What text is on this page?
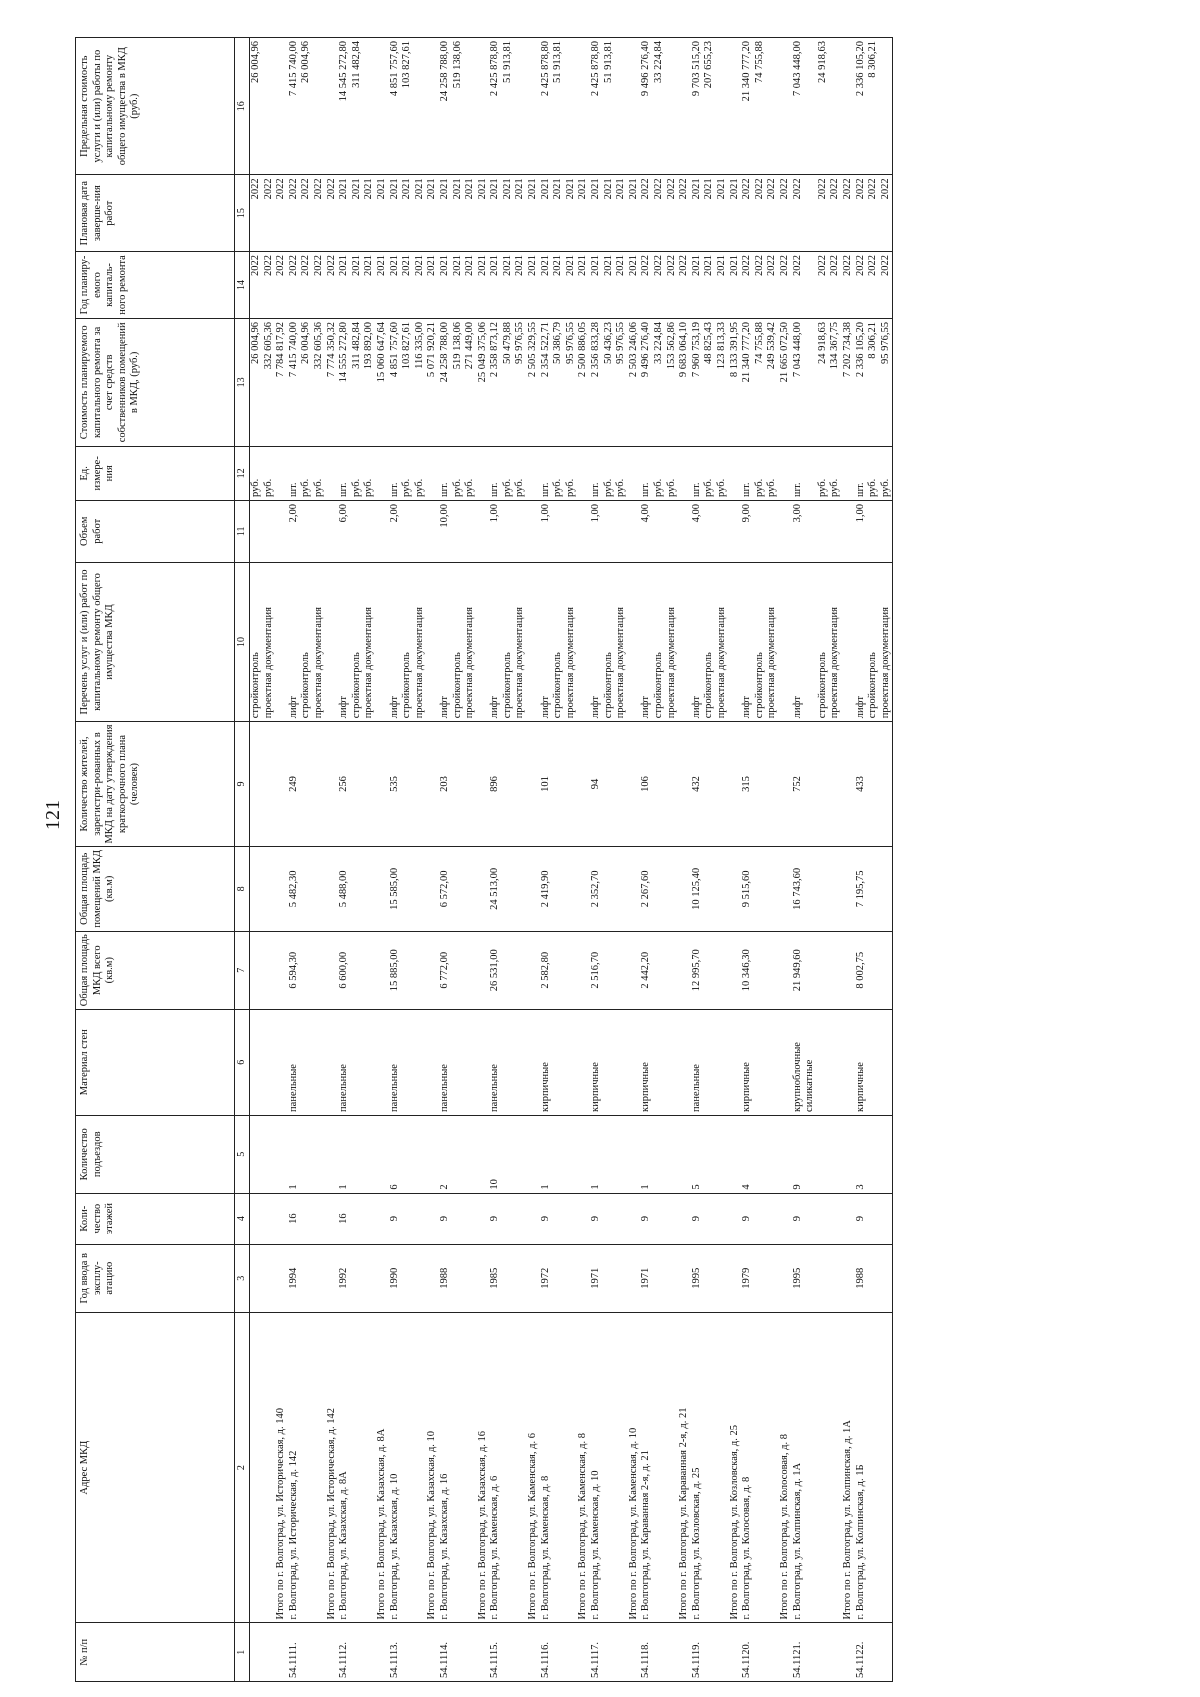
121
№ п/п	Адрес МКД	Год ввода в эксплу-атацию	Коли-чество этажей	Количество подъездов	Материал стен	Общая площадь МКД всего (кв.м)	Общая площадь помещений МКД (кв.м)	Количество жителей, зарегистри-рованных в МКД на дату утверждения краткосрочного плана (человек)	Перечень услуг и (или) работ по капитальному ремонту общего имущества МКД	Объем работ	Ед. измере-ния	Стоимость планируемого капитального ремонта за счет средств собственников помещений в МКД, (руб.)	Год планиру-емого капиталь-ного ремонта	Плановая дата заверше-ния работ	Предельная стоимость услуги и (или) работы по капитальному ремонту общего имущества в МКД (руб.)
1	2	3	4	5	6	7	8	9	10	11	12	13	14	15	16
									стройконтроль		руб.	26 004,96	2022	2022	26 004,96
									проектная документация		руб.	332 605,36	2022	2022	
	Итого по г. Волгоград, ул. Историческая, д. 140											7 784 817,92	2022	2022	
54.1111.	г. Волгоград, ул. Историческая, д. 142	1994	16	1	панельные	6 594,30	5 482,30	249	лифт	2,00	шт.	7 415 740,00	2022	2022	7 415 740,00
									стройконтроль		руб.	26 004,96	2022	2022	26 004,96
									проектная документация		руб.	332 605,36	2022	2022	
	Итого по г. Волгоград, ул. Историческая, д. 142											7 774 350,32	2022	2022	
54.1112.	г. Волгоград, ул. Казахская, д. 8А	1992	16	1	панельные	6 600,00	5 488,00	256	лифт	6,00	шт.	14 555 272,80	2021	2021	14 545 272,80
									стройконтроль		руб.	311 482,84	2021	2021	311 482,84
									проектная документация		руб.	193 892,00	2021	2021	
	Итого по г. Волгоград, ул. Казахская, д. 8А											15 060 647,64	2021	2021	
54.1113.	г. Волгоград, ул. Казахская, д. 10	1990	9	6	панельные	15 885,00	15 585,00	535	лифт	2,00	шт.	4 851 757,60	2021	2021	4 851 757,60
									стройконтроль		руб.	103 827,61	2021	2021	103 827,61
									проектная документация		руб.	116 335,00	2021	2021	
	Итого по г. Волгоград, ул. Казахская, д. 10											5 071 920,21	2021	2021	
54.1114.	г. Волгоград, ул. Казахская, д. 16	1988	9	2	панельные	6 772,00	6 572,00	203	лифт	10,00	шт.	24 258 788,00	2021	2021	24 258 788,00
									стройконтроль		руб.	519 138,06	2021	2021	519 138,06
									проектная документация		руб.	271 449,00	2021	2021	
	Итого по г. Волгоград, ул. Казахская, д. 16											25 049 375,06	2021	2021	
54.1115.	г. Волгоград, ул. Каменская, д. 6	1985	9	10	панельные	26 531,00	24 513,00	896	лифт	1,00	шт.	2 358 873,12	2021	2021	2 425 878,80
									стройконтроль		руб.	50 479,88	2021	2021	51 913,81
									проектная документация		руб.	95 976,55	2021	2021	
	Итого по г. Волгоград, ул. Каменская, д. 6											2 505 329,55	2021	2021	
54.1116.	г. Волгоград, ул. Каменская, д. 8	1972	9	1	кирпичные	2 582,80	2 419,90	101	лифт	1,00	шт.	2 354 522,71	2021	2021	2 425 878,80
									стройконтроль		руб.	50 386,79	2021	2021	51 913,81
									проектная документация		руб.	95 976,55	2021	2021	
	Итого по г. Волгоград, ул. Каменская, д. 8											2 500 886,05	2021	2021	
54.1117.	г. Волгоград, ул. Каменская, д. 10	1971	9	1	кирпичные	2 516,70	2 352,70	94	лифт	1,00	шт.	2 356 833,28	2021	2021	2 425 878,80
									стройконтроль		руб.	50 436,23	2021	2021	51 913,81
									проектная документация		руб.	95 976,55	2021	2021	
	Итого по г. Волгоград, ул. Каменская, д. 10											2 503 246,06	2021	2021	
54.1118.	г. Волгоград, ул. Караванная 2-я, д. 21	1971	9	1	кирпичные	2 442,20	2 267,60	106	лифт	4,00	шт.	9 496 276,40	2022	2022	9 496 276,40
									стройконтроль		руб.	33 224,84	2022	2022	33 224,84
									проектная документация		руб.	153 562,86	2022	2022	
	Итого по г. Волгоград, ул. Караванная 2-я, д. 21											9 683 064,10	2022	2022	
54.1119.	г. Волгоград, ул. Козловская, д. 25	1995	9	5	панельные	12 995,70	10 125,40	432	лифт	4,00	шт.	7 960 753,19	2021	2021	9 703 515,20
									стройконтроль		руб.	48 825,43	2021	2021	207 655,23
									проектная документация		руб.	123 813,33	2021	2021	
	Итого по г. Волгоград, ул. Козловская, д. 25											8 133 391,95	2021	2021	
54.1120.	г. Волгоград, ул. Колосовая, д. 8	1979	9	4	кирпичные	10 346,30	9 515,60	315	лифт	9,00	шт.	21 340 777,20	2022	2022	21 340 777,20
									стройконтроль		руб.	74 755,88	2022	2022	74 755,88
									проектная документация		руб.	249 539,42	2022	2022	
	Итого по г. Волгоград, ул. Колосовая, д. 8											21 665 072,50	2022	2022	
54.1121.	г. Волгоград, ул. Колпинская, д. 1А	1995	9	9	крупноблочные силикатные	21 949,60	16 743,60	752	лифт	3,00	шт.	7 043 448,00	2022	2022	7 043 448,00
									стройконтроль		руб.	24 918,63	2022	2022	24 918,63
									проектная документация		руб.	134 367,75	2022	2022	
	Итого по г. Волгоград, ул. Колпинская, д. 1А											7 202 734,38	2022	2022	
54.1122.	г. Волгоград, ул. Колпинская, д. 1Б	1988	9	3	кирпичные	8 002,75	7 195,75	433	лифт	1,00	шт.	2 336 105,20	2022	2022	2 336 105,20
									стройконтроль		руб.	8 306,21	2022	2022	8 306,21
									проектная документация		руб.	95 976,55	2022	2022	
